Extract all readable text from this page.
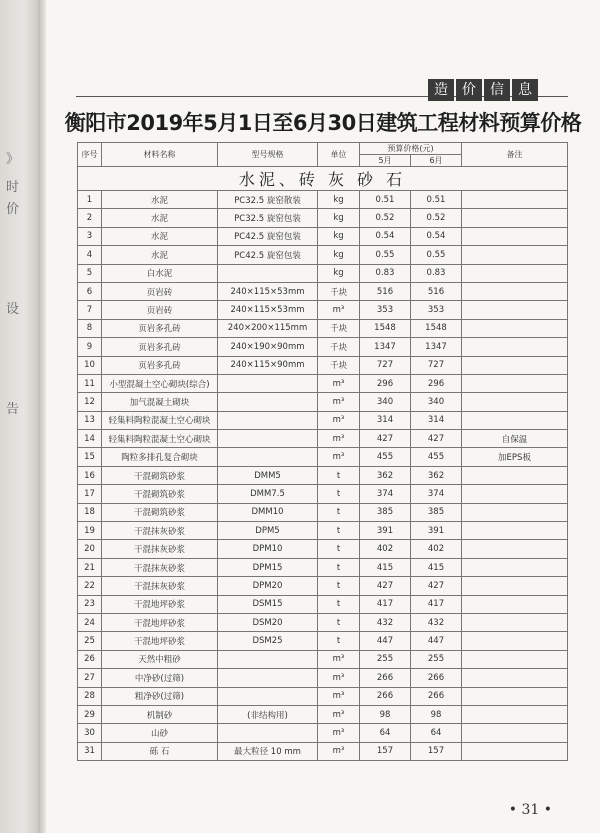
》
时
价
设
告
造	价	信	息
衡阳市2019年5月1日至6月30日建筑工程材料预算价格
序号	材料名称	型号规格	单位	预算价格(元)		备注
				5月	6月	
水泥、砖 灰 砂 石						
1	水泥	PC32.5 旋窑散装	kg	0.51	0.51	
2	水泥	PC32.5 旋窑包装	kg	0.52	0.52	
3	水泥	PC42.5 旋窑包装	kg	0.54	0.54	
4	水泥	PC42.5 旋窑包装	kg	0.55	0.55	
5	白水泥		kg	0.83	0.83	
6	页岩砖	240×115×53mm	千块	516	516	
7	页岩砖	240×115×53mm	m³	353	353	
8	页岩多孔砖	240×200×115mm	千块	1548	1548	
9	页岩多孔砖	240×190×90mm	千块	1347	1347	
10	页岩多孔砖	240×115×90mm	千块	727	727	
11	小型混凝土空心砌块(综合)		m³	296	296	
12	加气混凝土砌块		m³	340	340	
13	轻集料陶粒混凝土空心砌块		m³	314	314	
14	轻集料陶粒混凝土空心砌块		m³	427	427	自保温
15	陶粒多排孔复合砌块		m³	455	455	加EPS板
16	干混砌筑砂浆	DMM5	t	362	362	
17	干混砌筑砂浆	DMM7.5	t	374	374	
18	干混砌筑砂浆	DMM10	t	385	385	
19	干混抹灰砂浆	DPM5	t	391	391	
20	干混抹灰砂浆	DPM10	t	402	402	
21	干混抹灰砂浆	DPM15	t	415	415	
22	干混抹灰砂浆	DPM20	t	427	427	
23	干混地坪砂浆	DSM15	t	417	417	
24	干混地坪砂浆	DSM20	t	432	432	
25	干混地坪砂浆	DSM25	t	447	447	
26	天然中粗砂		m³	255	255	
27	中净砂(过筛)		m³	266	266	
28	粗净砂(过筛)		m³	266	266	
29	机制砂	(非结构用)	m³	98	98	
30	山砂		m³	64	64	
31	砾 石	最大粒径 10 mm	m³	157	157	
• 31 •
